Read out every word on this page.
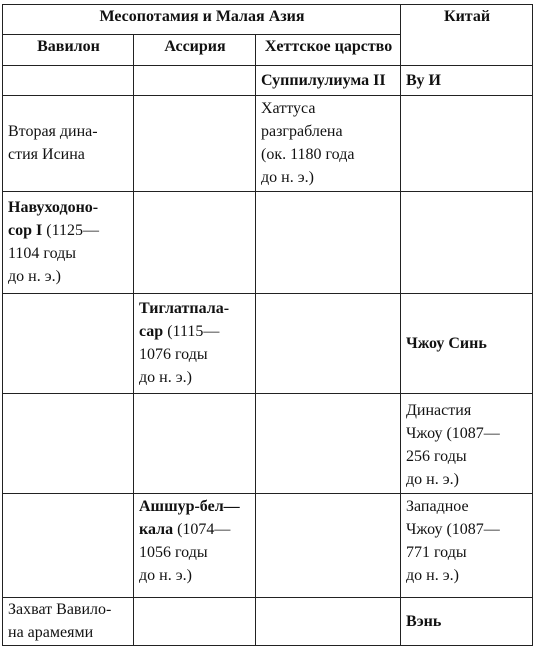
Месопотамия и Малая Азия			Китай
Вавилон	Ассирия	Хеттское царство	
		Суппилулиума II	Ву И

Вторая дина-
стия Исина		Хаттуса
разграблена
(ок. 1180 года
до н. э.)	

Навуходоно-
сор I (1125—
1104 годы
до н. э.)			
	Тиглатпала-
сар (1115—
1076 годы
до н. э.)		Чжоу Синь

			Династия
Чжоу (1087—
256 годы
до н. э.)

	Ашшур-бел—
кала (1074—
1056 годы
до н. э.)		Западное
Чжоу (1087—
771 годы
до н. э.)

Захват Вавило-
на арамеями			Вэнь
